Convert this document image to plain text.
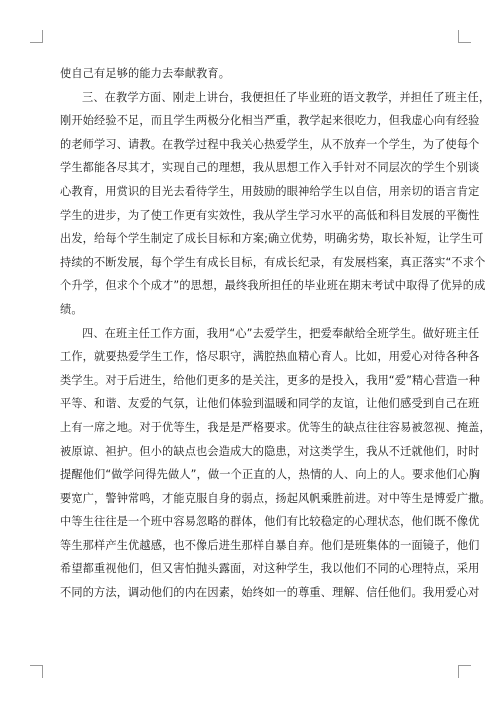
使自己有足够的能力去奉献教育。
三、在教学方面、刚走上讲台，我便担任了毕业班的语文教学，并担任了班主任，
刚开始经验不足，而且学生两极分化相当严重，教学起来很吃力，但我虚心向有经验
的老师学习、请教。在教学过程中我关心热爱学生，从不放弃一个学生，为了使每个
学生都能各尽其才，实现自己的理想，我从思想工作入手针对不同层次的学生个别谈
心教育，用赏识的目光去看待学生，用鼓励的眼神给学生以自信，用亲切的语言肯定
学生的进步，为了使工作更有实效性，我从学生学习水平的高低和科目发展的平衡性
出发，给每个学生制定了成长目标和方案;确立优势，明确劣势，取长补短，让学生可
持续的不断发展，每个学生有成长目标，有成长纪录，有发展档案，真正落实“不求个
个升学，但求个个成才”的思想，最终我所担任的毕业班在期末考试中取得了优异的成
绩。
四、在班主任工作方面，我用“心”去爱学生，把爱奉献给全班学生。做好班主任
工作，就要热爱学生工作，恪尽职守，满腔热血精心育人。比如，用爱心对待各种各
类学生。对于后进生，给他们更多的是关注，更多的是投入，我用“爱”精心营造一种
平等、和谐、友爱的气氛，让他们体验到温暖和同学的友谊，让他们感受到自己在班
上有一席之地。对于优等生，我是是严格要求。优等生的缺点往往容易被忽视、掩盖，
被原谅、袒护。但小的缺点也会造成大的隐患，对这类学生，我从不迁就他们，时时
提醒他们“做学问得先做人”，做一个正直的人，热情的人、向上的人。要求他们心胸
要宽广，警钟常鸣，才能克服自身的弱点，扬起风帆乘胜前进。对中等生是博爱广撒。
中等生往往是一个班中容易忽略的群体，他们有比较稳定的心理状态，他们既不像优
等生那样产生优越感，也不像后进生那样自暴自弃。他们是班集体的一面镜子，他们
希望都重视他们，但又害怕抛头露面，对这种学生，我以他们不同的心理特点，采用
不同的方法，调动他们的内在因素，始终如一的尊重、理解、信任他们。我用爱心对
